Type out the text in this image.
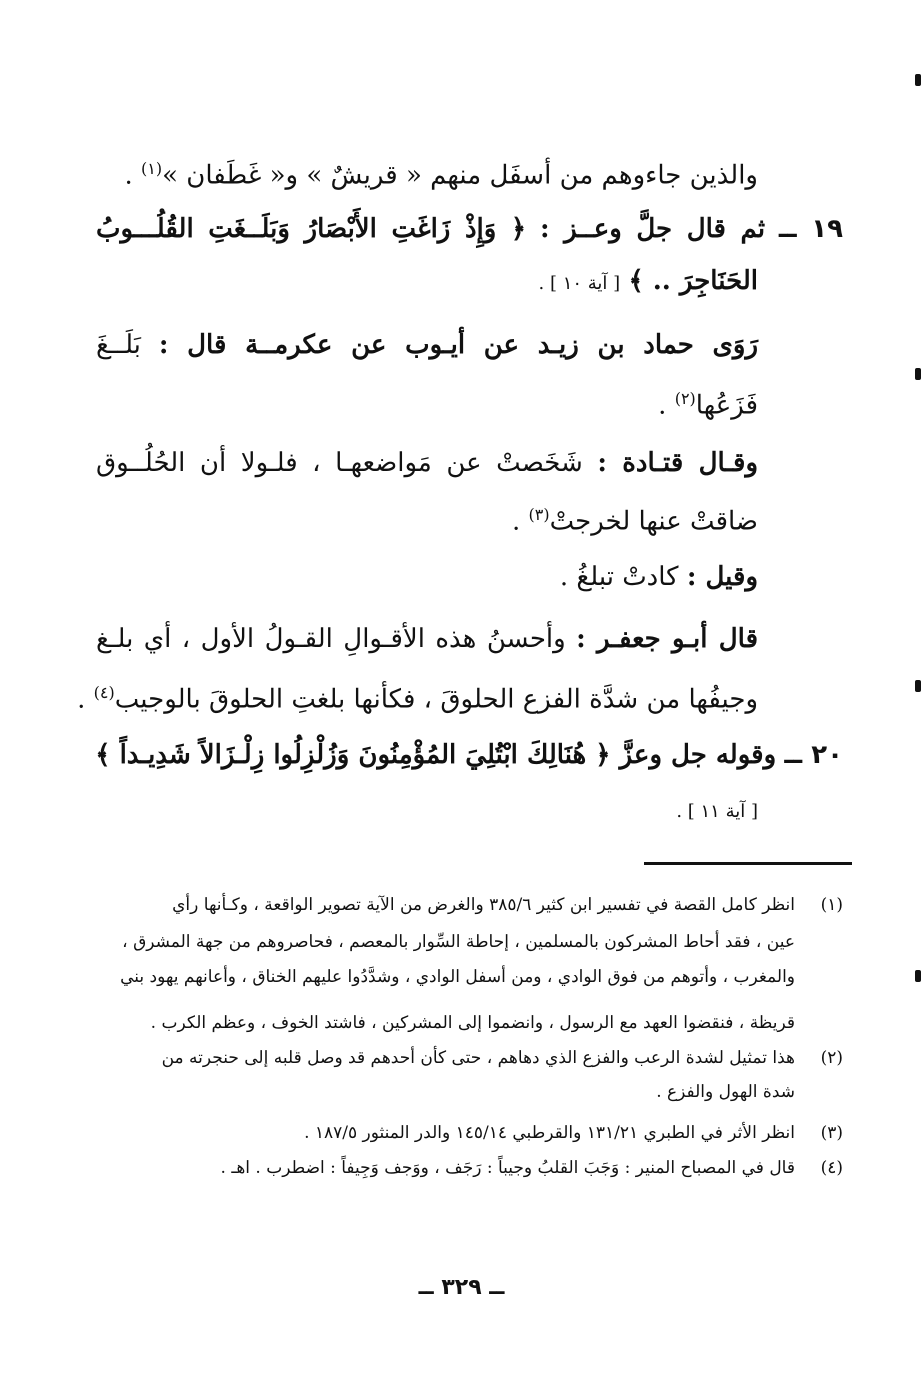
والذين جاءوهم من أسفَل منهم « قريشٌ » و« غَطَفان »$^{(١)}$ .
١٩ ــ ثم قال جلَّ وعــز : ﴿ وَإِذْ زَاغَتِ الأَبْصَارُ وَبَلَــغَتِ القُلُـــوبُ
الحَنَاجِرَ .. ﴾ [ آية ١٠ ] .
رَوَى حماد بن زيـد عن أيـوب عن عكرمــة قال : بَلَــغَ
فَزَعُها$^{(٢)}$ .
وقـال قتـادة : شَخَصتْ عن مَواضعهـا ، فلـولا أن الحُلُــوق
ضاقتْ عنها لخرجتْ$^{(٣)}$ .
وقيل : كادتْ تبلغُ .
قال أبـو جعفـر : وأحسنُ هذه الأقـوالِ القـولُ الأول ، أي بلـغ
وجيفُها من شدَّة الفزع الحلوقَ ، فكأنها بلغتِ الحلوقَ بالوجيب$^{(٤)}$ .
٢٠ ــ وقوله جل وعزَّ ﴿ هُنَالِكَ ابْتُلِيَ المُؤْمِنُونَ وَزُلْزِلُوا زِلْـزَالاً شَدِيـداً ﴾
[ آية ١١ ] .
(١)انظر كامل القصة في تفسير ابن كثير ٣٨٥/٦ والغرض من الآية تصوير الواقعة ، وكـأنها رأي
عين ، فقد أحاط المشركون بالمسلمين ، إحاطة السِّوار بالمعصم ، فحاصروهم من جهة المشرق ،
والمغرب ، وأتوهم من فوق الوادي ، ومن أسفل الوادي ، وشدَّدُوا عليهم الخناق ، وأعانهم يهود بني
قريظة ، فنقضوا العهد مع الرسول ، وانضموا إلى المشركين ، فاشتد الخوف ، وعظم الكرب .
(٢)هذا تمثيل لشدة الرعب والفزع الذي دهاهم ، حتى كأن أحدهم قد وصل قلبه إلى حنجرته من
شدة الهول والفزع .
(٣)انظر الأثر في الطبري ١٣١/٢١ والقرطبي ١٤٥/١٤ والدر المنثور ١٨٧/٥ .
(٤)قال في المصباح المنير : وَجَبَ القلبُ وجيباً : رَجَف ، ووَجف وَجِيفاً : اضطرب . اهـ .
ــ ٣٢٩ ــ
